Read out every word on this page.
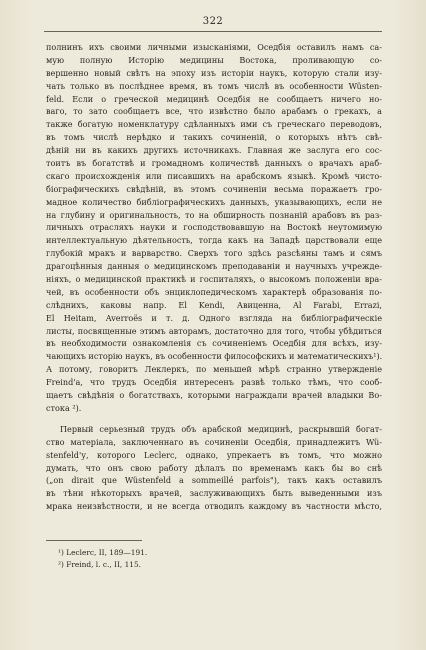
322
полнинъ ихъ своими личными изысканіями, Оседбія оставилъ намъ са-
мую полную Исторію медицины Востока, проливающую со-
вершенно новый свѣтъ на эпоху изъ исторіи наукъ, которую стали изу-
чать только въ послѣднее время, въ томъ числѣ въ особенности Wüsten-
feld. Если о греческой медицинѣ Оседбія не сообщаетъ ничего но-
ваго, то зато сообщаетъ все, что извѣстно было арабамъ о грекахъ, а
также богатую номенклатуру сдѣланныхъ ими съ греческаго переводовъ,
въ томъ числѣ нерѣдко и такихъ сочиненій, о которыхъ нѣтъ свѣ-
дѣній ни въ какихъ другихъ источникахъ. Главная же заслуга его сос-
тоитъ въ богатствѣ и громадномъ количествѣ данныхъ о врачахъ араб-
скаго происхожденія или писавшихъ на арабскомъ языкѣ. Кромѣ чисто-
біографическихъ свѣдѣній, въ этомъ сочиненіи весьма поражаетъ гро-
мадное количество библіографическихъ данныхъ, указывающихъ, если не
на глубину и оригинальность, то на обширность познаній арабовъ въ раз-
личныхъ отрасляхъ науки и господствовавшую на Востокѣ неутомимую
интеллектуальную дѣятельность, тогда какъ на Западѣ царствовали еще
глубокій мракъ и варварство. Сверхъ того здѣсь разсѣяны тамъ и сямъ
драгоцѣнныя данныя о медицинскомъ преподаваніи и научныхъ учрежде-
ніяхъ, о медицинской практикѣ и госпиталяхъ, о высокомъ положеніи вра-
чей, въ особенности объ энциклопедическомъ характерѣ образованія по-
слѣднихъ, каковы напр. El Kendi, Авиценна, Al Farabi, Errazi,
El Heitam, Averroës и т. д. Одного взгляда на библіографическіе
листы, посвященные этимъ авторамъ, достаточно для того, чтобы убѣдиться
въ необходимости ознакомленія съ сочиненіемъ Оседбія для всѣхъ, изу-
чающихъ исторію наукъ, въ особенности философскихъ и математическихъ¹).
А потому, говоритъ Леклеркъ, по меньшей мѣрѣ странно утвержденіе
Freind'а, что трудъ Оседбія интересенъ развѣ только тѣмъ, что сооб-
щаетъ свѣдѣнія о богатствахъ, которыми награждали врачей владыки Во-
стока ²).
Первый серьезный трудъ объ арабской медицинѣ, раскрывшій богат-
ство матеріала, заключеннаго въ сочиненіи Оседбія, принадлежитъ Wü-
stenfeld'у, которого Leclerc, однако, упрекаетъ въ томъ, что можно
думать, что онъ свою работу дѣлалъ по временамъ какъ бы во снѣ
(„on dirait que Wüstenfeld a sommeillé parfois"), такъ какъ оставилъ
въ тѣни нѣкоторыхъ врачей, заслуживающихъ быть выведенными изъ
мрака неизвѣстности, и не всегда отводилъ каждому въ частности мѣсто,
¹) Leclerc, II, 189—191.
²) Freind, l. c., II, 115.
